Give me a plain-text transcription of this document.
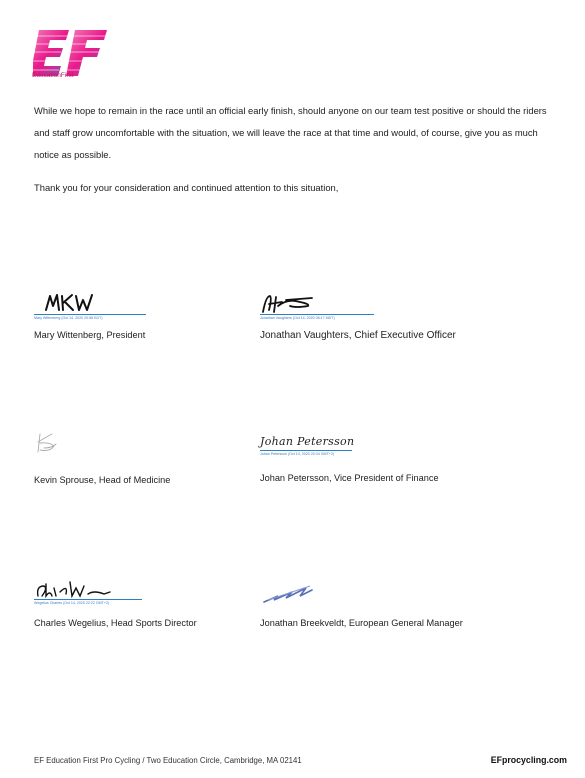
EducationFirst

While we hope to remain in the race until an official early finish, should anyone on our team test positive or should the riders and staff grow uncomfortable with the situation, we will leave the race at that time and would, of course, give you as much notice as possible.

Thank you for your consideration and continued attention to this situation,

Mary Wittenberg (Oct 14, 2020 20:58 EDT)
Mary Wittenberg, President
Jonathan Vaughters (Oct 14, 2020 08:17 MDT)
Jonathan Vaughters, Chief Executive Officer
Kevin Sprouse, Head of Medicine
Johan Petersson
Johan Petersson (Oct 14, 2020 20:34 GMT+2)
Johan Petersson, Vice President of Finance
Wegelius Charles (Oct 14, 2020 22:22 GMT+2)
Charles Wegelius, Head Sports Director	Jonathan Breekveldt, European General Manager
EF Education First Pro Cycling / Two Education Circle, Cambridge, MA 02141	EFprocycling.com
